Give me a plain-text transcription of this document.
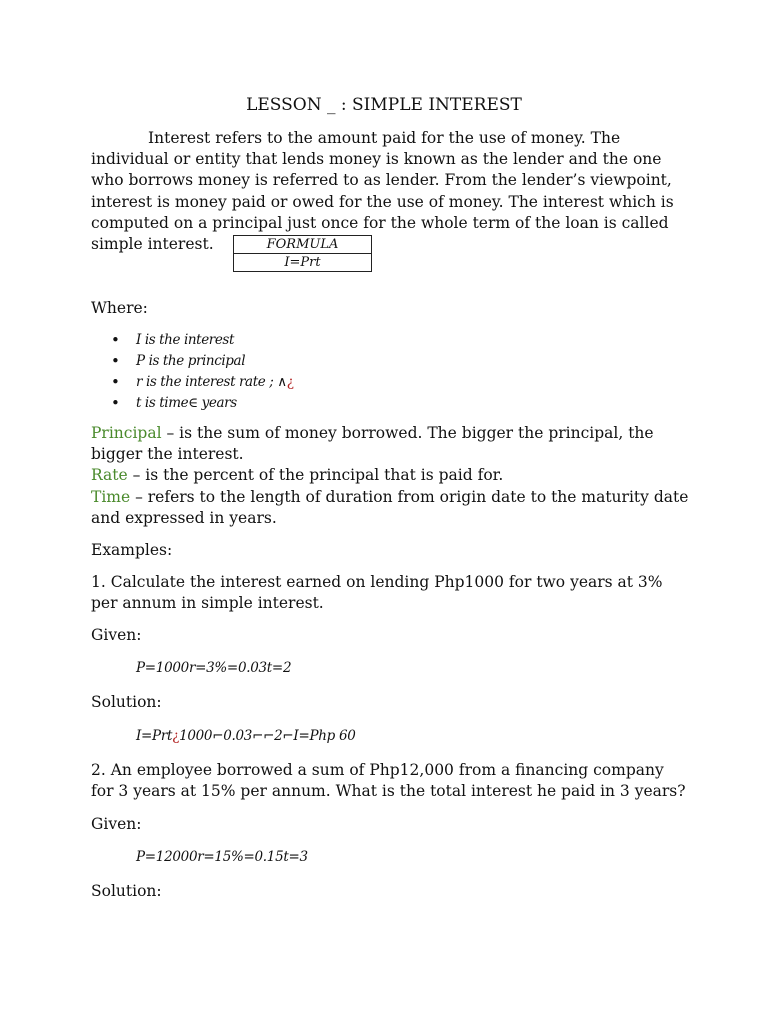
LESSON _ : SIMPLE INTEREST
Interest refers to the amount paid for the use of money. The individual or entity that lends money is known as the lender and the one who borrows money is referred to as lender. From the lender’s viewpoint, interest is money paid or owed for the use of money. The interest which is computed on a principal just once for the whole term of the loan is called simple interest.	FORMULA
I=Prt
Where:
• I is the interest
• P is the principal
• r is the interest rate ; ∧¿
• t is time∈ years
Principal – is the sum of money borrowed. The bigger the principal, the bigger the interest.
Rate – is the percent of the principal that is paid for.
Time – refers to the length of duration from origin date to the maturity date and expressed in years.
Examples:
1. Calculate the interest earned on lending Php1000 for two years at 3% per annum in simple interest.
Given:
P=1000r=3%=0.03t=2
Solution:
I=Prt¿1000⌐0.03⌐⌐2⌐I=Php 60
2. An employee borrowed a sum of Php12,000 from a financing company for 3 years at 15% per annum. What is the total interest he paid in 3 years?
Given:
P=12000r=15%=0.15t=3
Solution:
